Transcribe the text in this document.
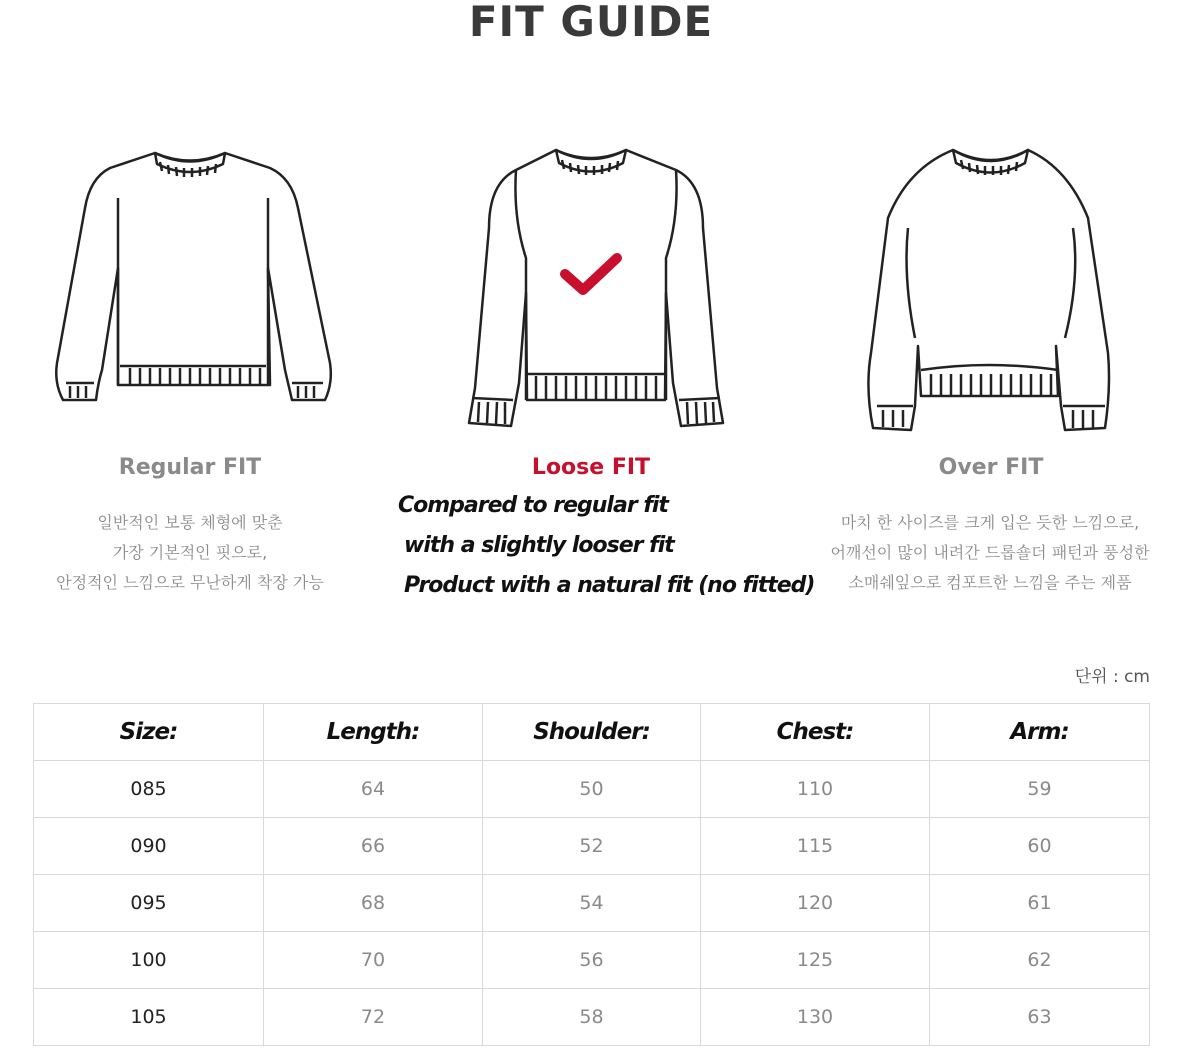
FIT GUIDE
Regular FIT	Loose FIT	Over FIT
일반적인 보통 체형에 맞춘
가장 기본적인 핏으로,
안정적인 느낌으로 무난하게 착장 가능
Compared to regular fit
with a slightly looser fit
Product with a natural fit (no fitted)
마치 한 사이즈를 크게 입은 듯한 느낌으로,
어깨선이 많이 내려간 드롭숄더 패턴과 풍성한
소매쉐잎으로 컴포트한 느낌을 주는 제품
단위 : cm
Size:	Length:	Shoulder:	Chest:	Arm:
085	64	50	110	59
090	66	52	115	60
095	68	54	120	61
100	70	56	125	62
105	72	58	130	63
